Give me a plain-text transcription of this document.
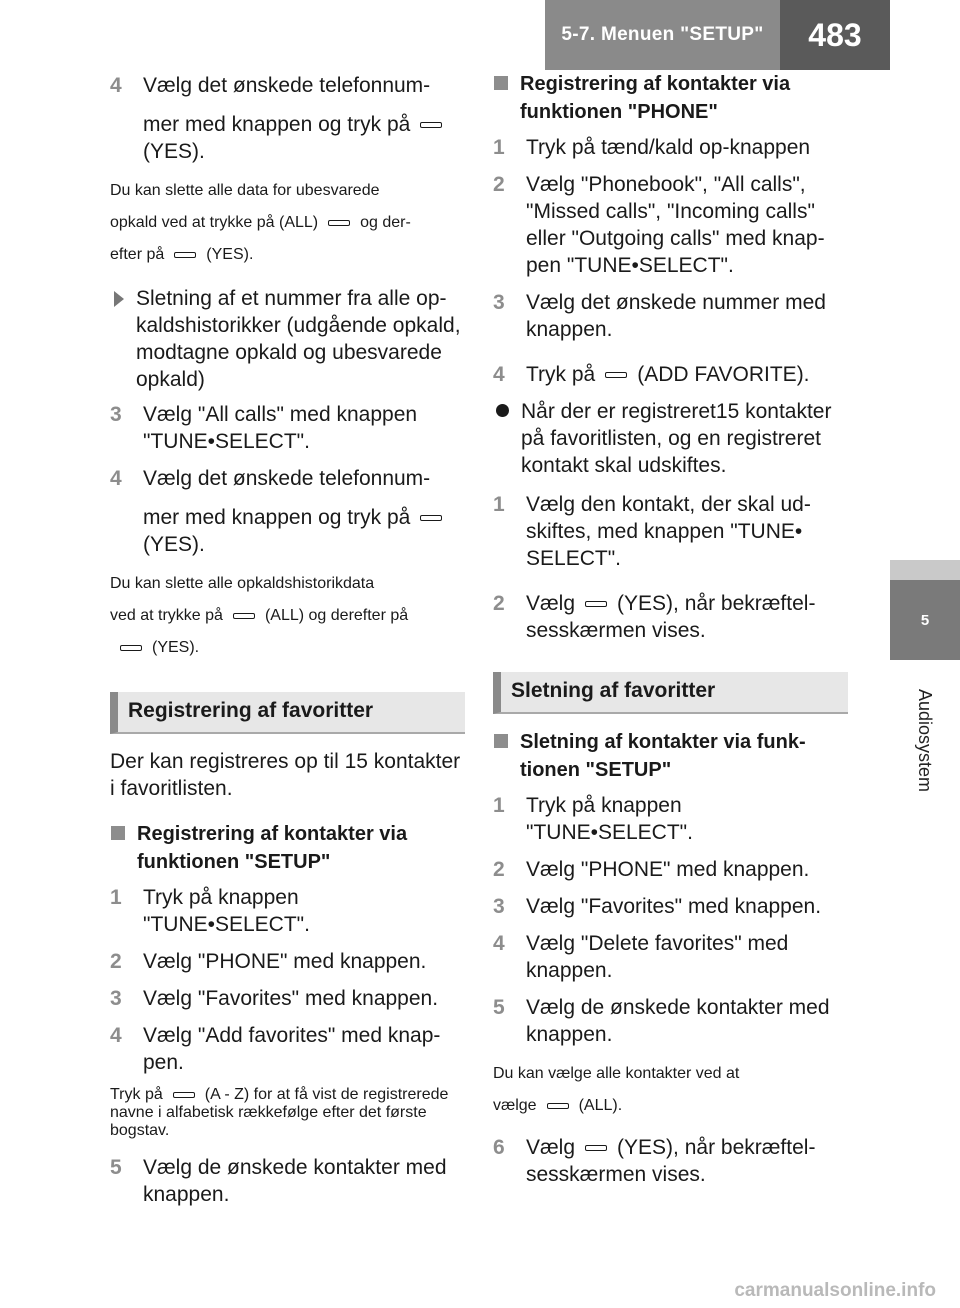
5-7. Menuen "SETUP" 483
5
Audiosystem
4 Vælg det ønskede telefonnum-
mer med knappen og tryk på
(YES).
Du kan slette alle data for ubesvarede
opkald ved at trykke på (ALL)	og der-
efter på	(YES).
Sletning af et nummer fra alle opkaldshistorikker (udgående opkald, modtagne opkald og ubesvarede opkald)
3 Vælg "All calls" med knappen "TUNE•SELECT".
4 Vælg det ønskede telefonnum-
mer med knappen og tryk på
(YES).
Du kan slette alle opkaldshistorikdata
ved at trykke på	(ALL) og derefter på
(YES).
Registrering af favoritter
Der kan registreres op til 15 kontakter i favoritlisten.
Registrering af kontakter via funktionen "SETUP"
1 Tryk på knappen "TUNE•SELECT".
2 Vælg "PHONE" med knappen.
3 Vælg "Favorites" med knappen.
4 Vælg "Add favorites" med knappen.
Tryk på	(A - Z) for at få vist de registrerede navne i alfabetisk rækkefølge efter det første bogstav.
5 Vælg de ønskede kontakter med knappen.
Registrering af kontakter via funktionen "PHONE"
1 Tryk på tænd/kald op-knappen
2 Vælg "Phonebook", "All calls", "Missed calls", "Incoming calls" eller "Outgoing calls" med knappen "TUNE•SELECT".
3 Vælg det ønskede nummer med knappen.
4 Tryk på (ADD FAVORITE).
Når der er registreret15 kontakter på favoritlisten, og en registreret kontakt skal udskiftes.
1 Vælg den kontakt, der skal udskiftes, med knappen "TUNE• SELECT".
2 Vælg (YES), når bekræftelsesskærmen vises.
Sletning af favoritter
Sletning af kontakter via funktionen "SETUP"
1 Tryk på knappen "TUNE•SELECT".
2 Vælg "PHONE" med knappen.
3 Vælg "Favorites" med knappen.
4 Vælg "Delete favorites" med knappen.
5 Vælg de ønskede kontakter med knappen.
Du kan vælge alle kontakter ved at
vælge	(ALL).
6 Vælg (YES), når bekræftelsesskærmen vises.
carmanualsonline.info
